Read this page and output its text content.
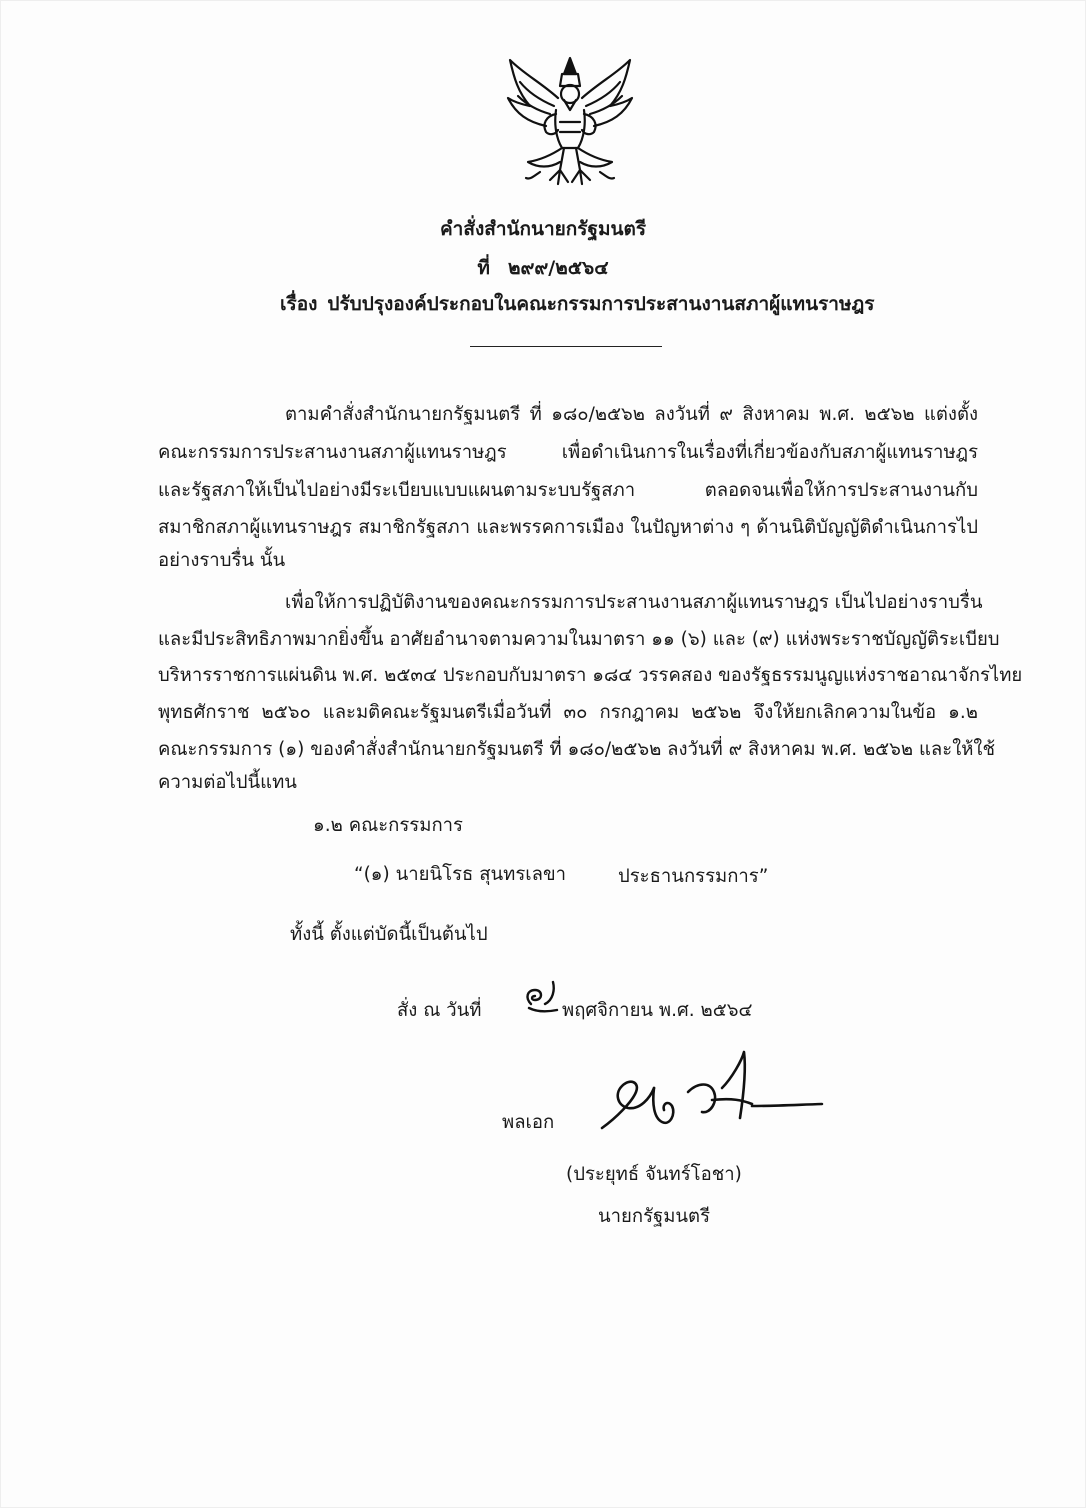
คำสั่งสำนักนายกรัฐมนตรี
ที่ ๒๙๙/๒๕๖๔
เรื่อง ปรับปรุงองค์ประกอบในคณะกรรมการประสานงานสภาผู้แทนราษฎร
ตามคำสั่งสำนักนายกรัฐมนตรี ที่ ๑๘๐/๒๕๖๒ ลงวันที่ ๙ สิงหาคม พ.ศ. ๒๕๖๒ แต่งตั้ง
คณะกรรมการประสานงานสภาผู้แทนราษฎร เพื่อดำเนินการในเรื่องที่เกี่ยวข้องกับสภาผู้แทนราษฎร
และรัฐสภาให้เป็นไปอย่างมีระเบียบแบบแผนตามระบบรัฐสภา ตลอดจนเพื่อให้การประสานงานกับ
สมาชิกสภาผู้แทนราษฎร สมาชิกรัฐสภา และพรรคการเมือง ในปัญหาต่าง ๆ ด้านนิติบัญญัติดำเนินการไป
อย่างราบรื่น นั้น
เพื่อให้การปฏิบัติงานของคณะกรรมการประสานงานสภาผู้แทนราษฎร เป็นไปอย่างราบรื่น
และมีประสิทธิภาพมากยิ่งขึ้น อาศัยอำนาจตามความในมาตรา ๑๑ (๖) และ (๙) แห่งพระราชบัญญัติระเบียบ
บริหารราชการแผ่นดิน พ.ศ. ๒๕๓๔ ประกอบกับมาตรา ๑๘๔ วรรคสอง ของรัฐธรรมนูญแห่งราชอาณาจักรไทย
พุทธศักราช ๒๕๖๐ และมติคณะรัฐมนตรีเมื่อวันที่ ๓๐ กรกฎาคม ๒๕๖๒ จึงให้ยกเลิกความในข้อ ๑.๒
คณะกรรมการ (๑) ของคำสั่งสำนักนายกรัฐมนตรี ที่ ๑๘๐/๒๕๖๒ ลงวันที่ ๙ สิงหาคม พ.ศ. ๒๕๖๒ และให้ใช้
ความต่อไปนี้แทน
๑.๒ คณะกรรมการ
“(๑) นายนิโรธ สุนทรเลขา	ประธานกรรมการ”
ทั้งนี้ ตั้งแต่บัดนี้เป็นต้นไป
สั่ง ณ วันที่	พฤศจิกายน พ.ศ. ๒๕๖๔
พลเอก
(ประยุทธ์ จันทร์โอชา)
นายกรัฐมนตรี
